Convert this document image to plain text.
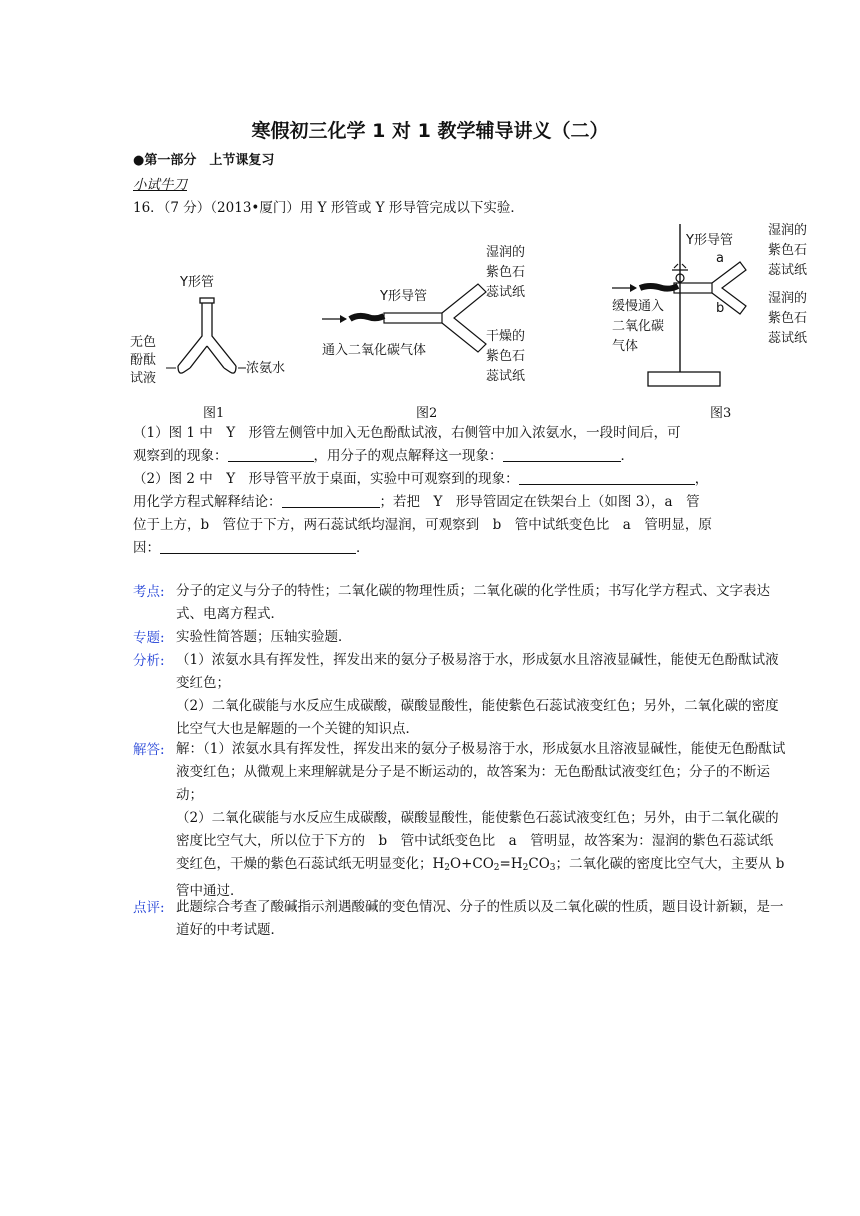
寒假初三化学 1 对 1 教学辅导讲义（二）
●第一部分　上节课复习
小试牛刀
16．（7 分）（2013•厦门）用 Y 形管或 Y 形导管完成以下实验．
Y形管
无色
酚酞
试液
浓氨水
图1
Y形导管
通入二氧化碳气体
湿润的
紫色石
蕊试纸
干燥的
紫色石
蕊试纸
图2
Y形导管
a
b
缓慢通入
二氧化碳
气体
湿润的
紫色石
蕊试纸
湿润的
紫色石
蕊试纸
图3
（1）图 1 中　Y　形管左侧管中加入无色酚酞试液，右侧管中加入浓氨水，一段时间后，可
观察到的现象：	，用分子的观点解释这一现象：	．
（2）图 2 中　Y　形导管平放于桌面，实验中可观察到的现象：	，
用化学方程式解释结论：	；若把　Y　形导管固定在铁架台上（如图 3），a　管
位于上方，b　管位于下方，两石蕊试纸均湿润，可观察到　b　管中试纸变色比　a　管明显，原
因：	．
考点: 分子的定义与分子的特性；二氧化碳的物理性质；二氧化碳的化学性质；书写化学方程式、文字表达式、电离方程式．
专题: 实验性简答题；压轴实验题．
分析: （1）浓氨水具有挥发性，挥发出来的氨分子极易溶于水，形成氨水且溶液显碱性，能使无色酚酞试液变红色；
（2）二氧化碳能与水反应生成碳酸，碳酸显酸性，能使紫色石蕊试液变红色；另外，二氧化碳的密度比空气大也是解题的一个关键的知识点．
解答: 解：（1）浓氨水具有挥发性，挥发出来的氨分子极易溶于水，形成氨水且溶液显碱性，能使无色酚酞试液变红色；从微观上来理解就是分子是不断运动的，故答案为：无色酚酞试液变红色；分子的不断运动；
（2）二氧化碳能与水反应生成碳酸，碳酸显酸性，能使紫色石蕊试液变红色；另外，由于二氧化碳的密度比空气大，所以位于下方的　b　管中试纸变色比　a　管明显，故答案为：湿润的紫色石蕊试纸变红色，干燥的紫色石蕊试纸无明显变化；$H_2O+CO_2=H_2CO_3$；二氧化碳的密度比空气大，主要从 b 管中通过．
点评: 此题综合考查了酸碱指示剂遇酸碱的变色情况、分子的性质以及二氧化碳的性质，题目设计新颖，是一道好的中考试题．
